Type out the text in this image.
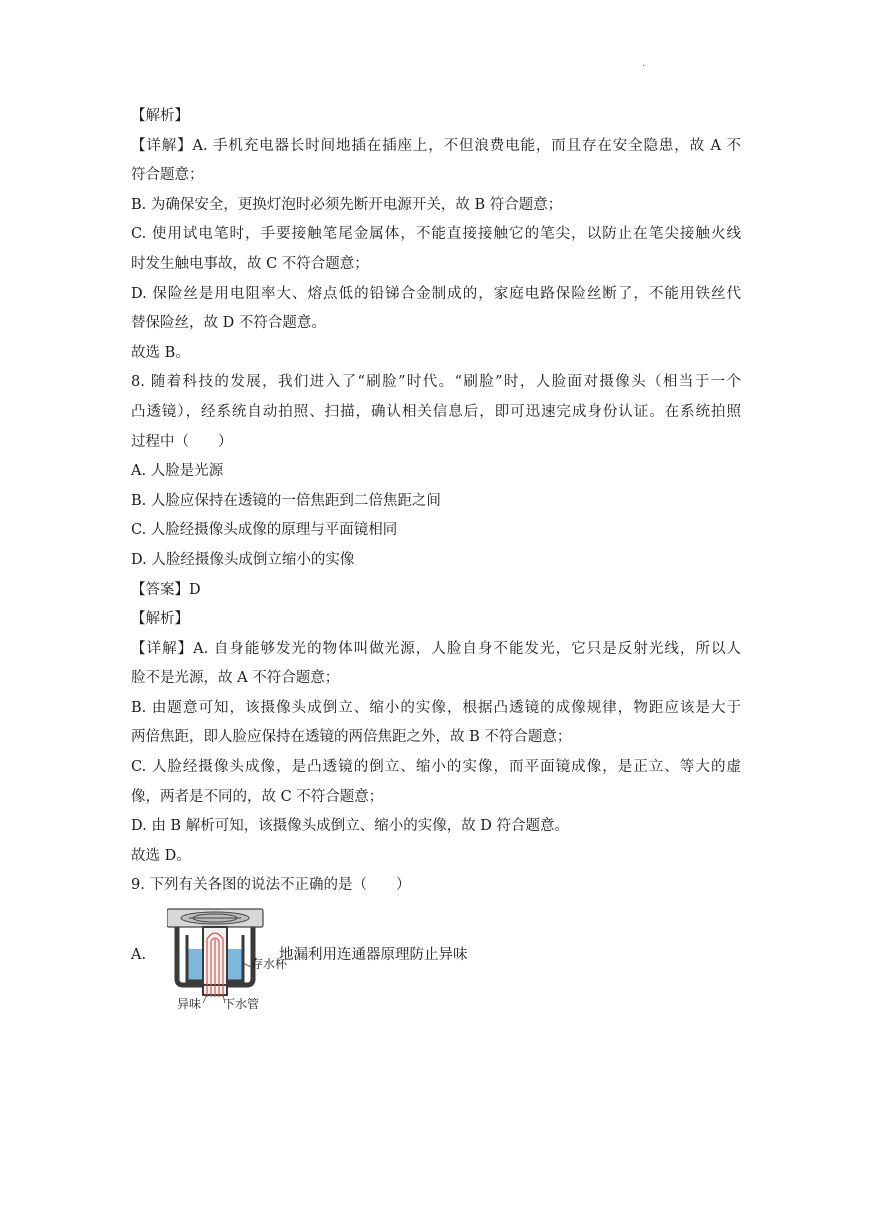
.
【解析】
【详解】A. 手机充电器长时间地插在插座上，不但浪费电能，而且存在安全隐患，故 A 不
符合题意；
B. 为确保安全，更换灯泡时必须先断开电源开关，故 B 符合题意；
C. 使用试电笔时，手要接触笔尾金属体，不能直接接触它的笔尖，以防止在笔尖接触火线
时发生触电事故，故 C 不符合题意；
D. 保险丝是用电阻率大、熔点低的铅锑合金制成的，家庭电路保险丝断了，不能用铁丝代
替保险丝，故 D 不符合题意。
故选 B。
8. 随着科技的发展，我们进入了“刷脸”时代。“刷脸”时，人脸面对摄像头（相当于一个
凸透镜），经系统自动拍照、扫描，确认相关信息后，即可迅速完成身份认证。在系统拍照
过程中（　　）
A. 人脸是光源
B. 人脸应保持在透镜的一倍焦距到二倍焦距之间
C. 人脸经摄像头成像的原理与平面镜相同
D. 人脸经摄像头成倒立缩小的实像
【答案】D
【解析】
【详解】A. 自身能够发光的物体叫做光源，人脸自身不能发光，它只是反射光线，所以人
脸不是光源，故 A 不符合题意；
B. 由题意可知，该摄像头成倒立、缩小的实像，根据凸透镜的成像规律，物距应该是大于
两倍焦距，即人脸应保持在透镜的两倍焦距之外，故 B 不符合题意；
C. 人脸经摄像头成像，是凸透镜的倒立、缩小的实像，而平面镜成像，是正立、等大的虚
像，两者是不同的，故 C 不符合题意；
D. 由 B 解析可知，该摄像头成倒立、缩小的实像，故 D 符合题意。
故选 D。
9. 下列有关各图的说法不正确的是（　　）
A.
存水杯
异味 下水管
地漏利用连通器原理防止异味
